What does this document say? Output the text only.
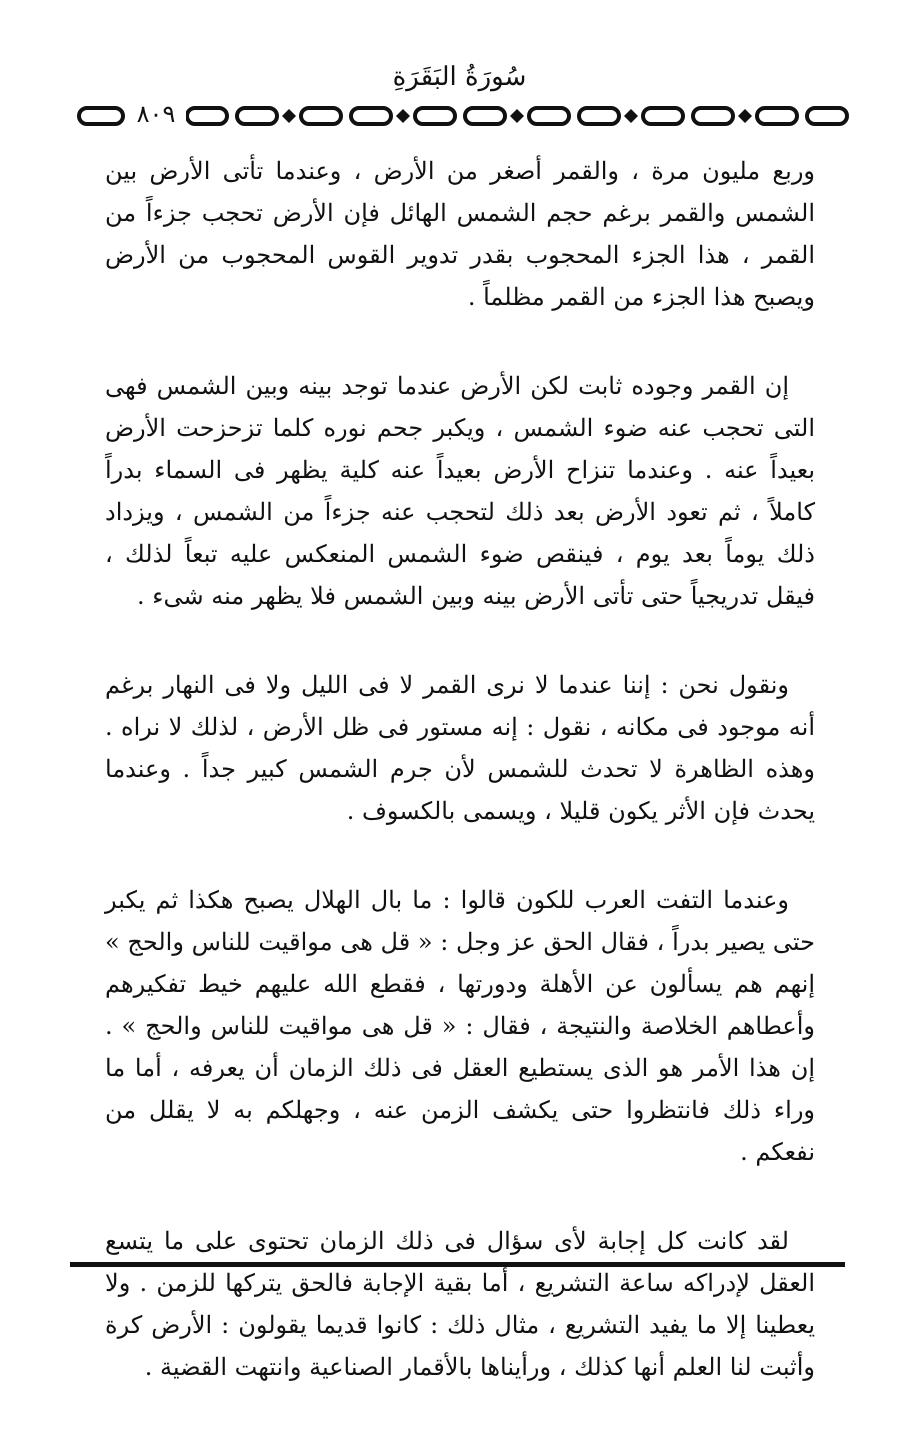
سُورَةُ البَقَرَةِ
٨٠٩

وربع مليون مرة ، والقمر أصغر من الأرض ، وعندما تأتى الأرض بين الشمس والقمر برغم حجم الشمس الهائل فإن الأرض تحجب جزءاً من القمر ، هذا الجزء المحجوب بقدر تدوير القوس المحجوب من الأرض ويصبح هذا الجزء من القمر مظلماً .

إن القمر وجوده ثابت لكن الأرض عندما توجد بينه وبين الشمس فهى التى تحجب عنه ضوء الشمس ، ويكبر جحم نوره كلما تزحزحت الأرض بعيداً عنه . وعندما تنزاح الأرض بعيداً عنه كلية يظهر فى السماء بدراً كاملاً ، ثم تعود الأرض بعد ذلك لتحجب عنه جزءاً من الشمس ، ويزداد ذلك يوماً بعد يوم ، فينقص ضوء الشمس المنعكس عليه تبعاً لذلك ، فيقل تدريجياً حتى تأتى الأرض بينه وبين الشمس فلا يظهر منه شىء .

ونقول نحن : إننا عندما لا نرى القمر لا فى الليل ولا فى النهار برغم أنه موجود فى مكانه ، نقول : إنه مستور فى ظل الأرض ، لذلك لا نراه . وهذه الظاهرة لا تحدث للشمس لأن جرم الشمس كبير جداً . وعندما يحدث فإن الأثر يكون قليلا ، ويسمى بالكسوف .

وعندما التفت العرب للكون قالوا : ما بال الهلال يصبح هكذا ثم يكبر حتى يصير بدراً ، فقال الحق عز وجل : « قل هى مواقيت للناس والحج » إنهم هم يسألون عن الأهلة ودورتها ، فقطع الله عليهم خيط تفكيرهم وأعطاهم الخلاصة والنتيجة ، فقال : « قل هى مواقيت للناس والحج » . إن هذا الأمر هو الذى يستطيع العقل فى ذلك الزمان أن يعرفه ، أما ما وراء ذلك فانتظروا حتى يكشف الزمن عنه ، وجهلكم به لا يقلل من نفعكم .

لقد كانت كل إجابة لأى سؤال فى ذلك الزمان تحتوى على ما يتسع العقل لإدراكه ساعة التشريع ، أما بقية الإجابة فالحق يتركها للزمن . ولا يعطينا إلا ما يفيد التشريع ، مثال ذلك : كانوا قديما يقولون : الأرض كرة وأثبت لنا العلم أنها كذلك ، ورأيناها بالأقمار الصناعية وانتهت القضية .
